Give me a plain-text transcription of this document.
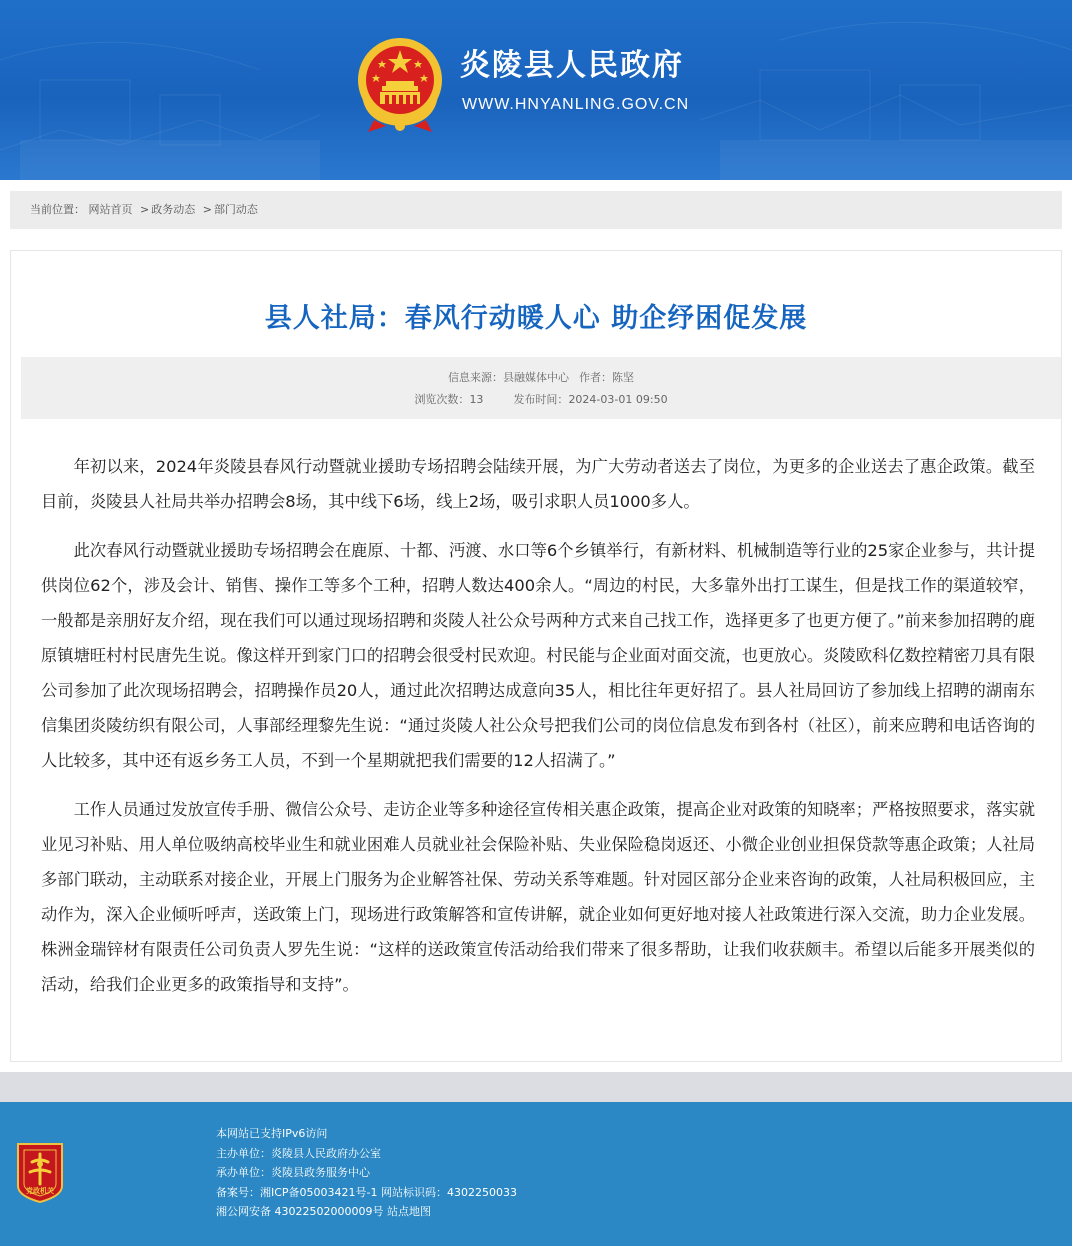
炎陵县人民政府
WWW.HNYANLING.GOV.CN
当前位置： 网站首页 > 政务动态 > 部门动态
县人社局：春风行动暖人心 助企纾困促发展
信息来源：县融媒体中心 作者：陈坚
浏览次数：13	发布时间：2024-03-01 09:50

年初以来，2024年炎陵县春风行动暨就业援助专场招聘会陆续开展，为广大劳动者送去了岗位，为更多的企业送去了惠企政策。截至目前，炎陵县人社局共举办招聘会8场，其中线下6场，线上2场，吸引求职人员1000多人。

此次春风行动暨就业援助专场招聘会在鹿原、十都、沔渡、水口等6个乡镇举行，有新材料、机械制造等行业的25家企业参与，共计提供岗位62个，涉及会计、销售、操作工等多个工种，招聘人数达400余人。“周边的村民，大多靠外出打工谋生，但是找工作的渠道较窄，一般都是亲朋好友介绍，现在我们可以通过现场招聘和炎陵人社公众号两种方式来自己找工作，选择更多了也更方便了。”前来参加招聘的鹿原镇塘旺村村民唐先生说。像这样开到家门口的招聘会很受村民欢迎。村民能与企业面对面交流，也更放心。炎陵欧科亿数控精密刀具有限公司参加了此次现场招聘会，招聘操作员20人，通过此次招聘达成意向35人，相比往年更好招了。县人社局回访了参加线上招聘的湖南东信集团炎陵纺织有限公司，人事部经理黎先生说：“通过炎陵人社公众号把我们公司的岗位信息发布到各村（社区），前来应聘和电话咨询的人比较多，其中还有返乡务工人员，不到一个星期就把我们需要的12人招满了。”

工作人员通过发放宣传手册、微信公众号、走访企业等多种途径宣传相关惠企政策，提高企业对政策的知晓率；严格按照要求，落实就业见习补贴、用人单位吸纳高校毕业生和就业困难人员就业社会保险补贴、失业保险稳岗返还、小微企业创业担保贷款等惠企政策；人社局多部门联动，主动联系对接企业，开展上门服务为企业解答社保、劳动关系等难题。针对园区部分企业来咨询的政策，人社局积极回应，主动作为，深入企业倾听呼声，送政策上门，现场进行政策解答和宣传讲解，就企业如何更好地对接人社政策进行深入交流，助力企业发展。株洲金瑞锌材有限责任公司负责人罗先生说：“这样的送政策宣传活动给我们带来了很多帮助，让我们收获颇丰。希望以后能多开展类似的活动，给我们企业更多的政策指导和支持”。

党政机关
本网站已支持IPv6访问
主办单位：炎陵县人民政府办公室
承办单位：炎陵县政务服务中心
备案号：湘ICP备05003421号-1 网站标识码：4302250033
湘公网安备 43022502000009号 站点地图
